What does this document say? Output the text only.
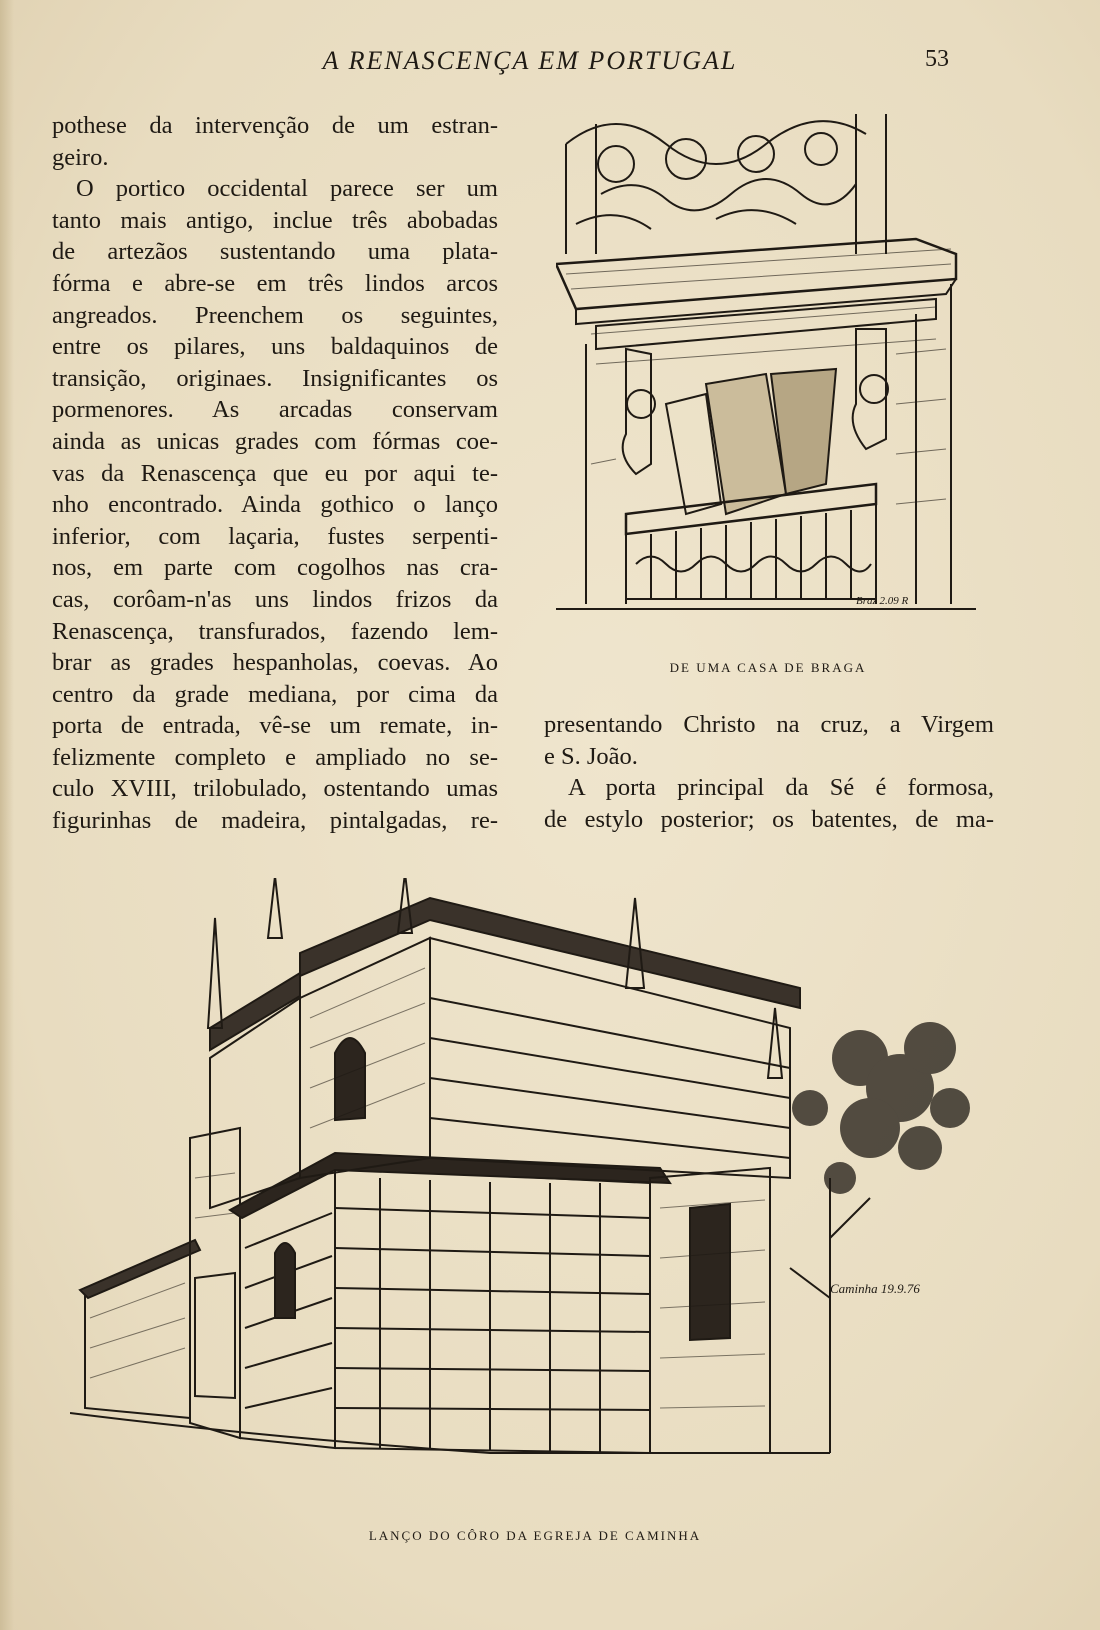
A RENASCENÇA EM PORTUGAL	53
pothese da intervenção de um estran-
geiro.
O portico occidental parece ser um
tanto mais antigo, inclue três abobadas
de artezãos sustentando uma plata-
fórma e abre-se em três lindos arcos
angreados. Preenchem os seguintes,
entre os pilares, uns baldaquinos de
transição, originaes. Insignificantes os
pormenores. As arcadas conservam
ainda as unicas grades com fórmas coe-
vas da Renascença que eu por aqui te-
nho encontrado. Ainda gothico o lanço
inferior, com laçaria, fustes serpenti-
nos, em parte com cogolhos nas cra-
cas, corôam-n'as uns lindos frizos da
Renascença, transfurados, fazendo lem-
brar as grades hespanholas, coevas. Ao
centro da grade mediana, por cima da
porta de entrada, vê-se um remate, in-
felizmente completo e ampliado no se-
culo XVIII, trilobulado, ostentando umas
figurinhas de madeira, pintalgadas, re-
Braz 2.09 R
DE UMA CASA DE BRAGA
presentando Christo na cruz, a Virgem
e S. João.
A porta principal da Sé é formosa,
de estylo posterior; os batentes, de ma-
Caminha 19.9.76
LANÇO DO CÔRO DA EGREJA DE CAMINHA
